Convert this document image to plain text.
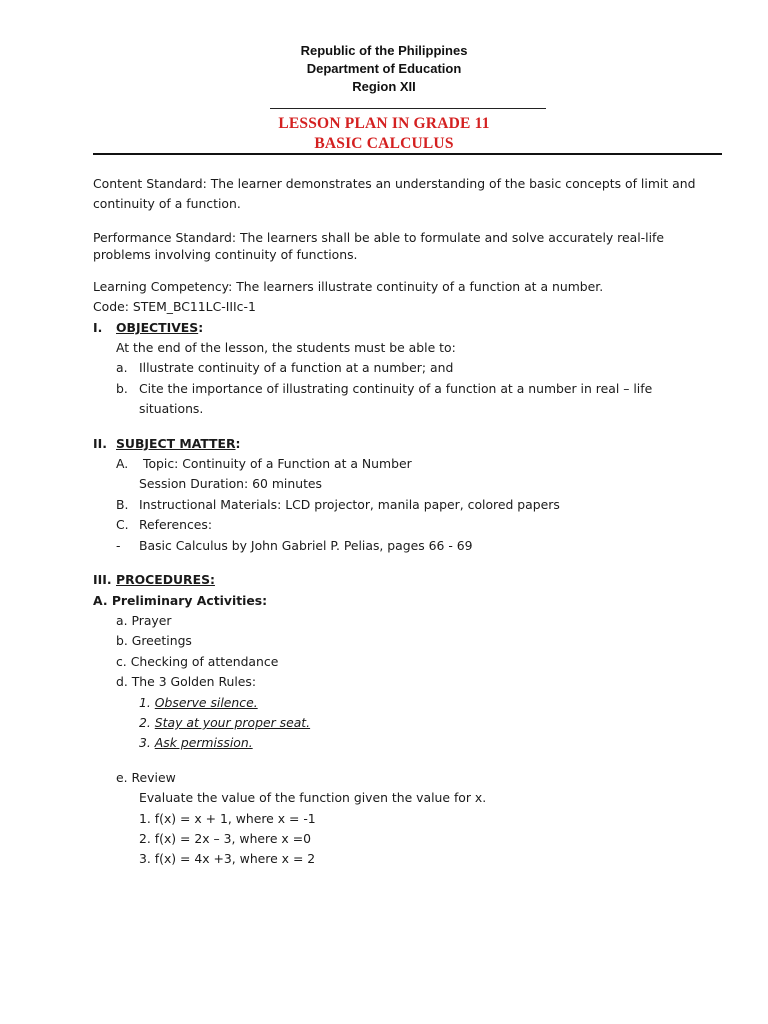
Republic of the Philippines
Department of Education
Region XII
LESSON PLAN IN GRADE 11
BASIC CALCULUS

Content Standard: The learner demonstrates an understanding of the basic concepts of limit and continuity of a function.

Performance Standard: The learners shall be able to formulate and solve accurately real-life problems involving continuity of functions.

Learning Competency: The learners illustrate continuity of a function at a number.

Code: STEM_BC11LC-IIIc-1

I. OBJECTIVES:
At the end of the lesson, the students must be able to:
a. Illustrate continuity of a function at a number; and
b. Cite the importance of illustrating continuity of a function at a number in real – life
situations.
II. SUBJECT MATTER:
A. Topic: Continuity of a Function at a Number
Session Duration: 60 minutes
B. Instructional Materials: LCD projector, manila paper, colored papers
C. References:
- Basic Calculus by John Gabriel P. Pelias, pages 66 - 69
III. PROCEDURES:
A. Preliminary Activities:
a. Prayer
b. Greetings
c. Checking of attendance
d. The 3 Golden Rules:
1. Observe silence.
2. Stay at your proper seat.
3. Ask permission.
e. Review
Evaluate the value of the function given the value for x.
1. f(x) = x + 1, where x = -1
2. f(x) = 2x – 3, where x =0
3. f(x) = 4x +3, where x = 2
